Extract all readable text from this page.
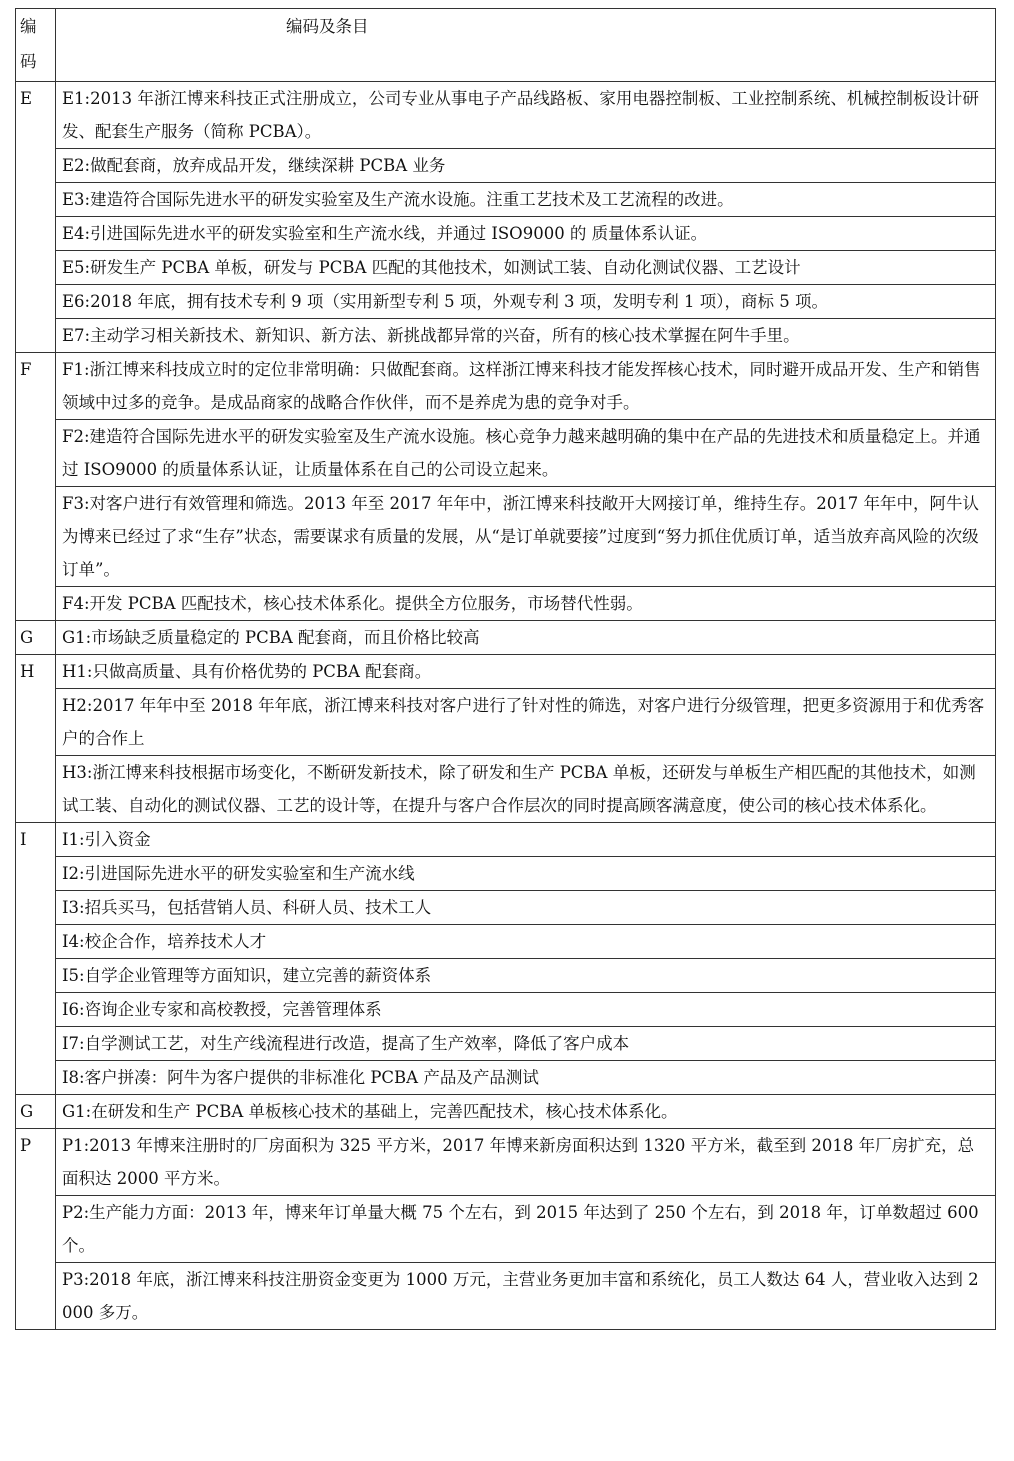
编
码	编码及条目
E	E1:2013 年浙江博来科技正式注册成立，公司专业从事电子产品线路板、家用电器控制板、工业控制系统、机械控制板设计研发、配套生产服务（简称 PCBA）。
	E2:做配套商，放弃成品开发，继续深耕 PCBA 业务
	E3:建造符合国际先进水平的研发实验室及生产流水设施。注重工艺技术及工艺流程的改进。
	E4:引进国际先进水平的研发实验室和生产流水线，并通过 ISO9000 的 质量体系认证。
	E5:研发生产 PCBA 单板，研发与 PCBA 匹配的其他技术，如测试工装、自动化测试仪器、工艺设计
	E6:2018 年底，拥有技术专利 9 项（实用新型专利 5 项，外观专利 3 项，发明专利 1 项），商标 5 项。
	E7:主动学习相关新技术、新知识、新方法、新挑战都异常的兴奋，所有的核心技术掌握在阿牛手里。
F	F1:浙江博来科技成立时的定位非常明确：只做配套商。这样浙江博来科技才能发挥核心技术，同时避开成品开发、生产和销售领域中过多的竞争。是成品商家的战略合作伙伴，而不是养虎为患的竞争对手。
	F2:建造符合国际先进水平的研发实验室及生产流水设施。核心竞争力越来越明确的集中在产品的先进技术和质量稳定上。并通过 ISO9000 的质量体系认证，让质量体系在自己的公司设立起来。
	F3:对客户进行有效管理和筛选。2013 年至 2017 年年中，浙江博来科技敞开大网接订单，维持生存。2017 年年中，阿牛认为博来已经过了求“生存”状态，需要谋求有质量的发展，从“是订单就要接”过度到“努力抓住优质订单，适当放弃高风险的次级订单”。
	F4:开发 PCBA 匹配技术，核心技术体系化。提供全方位服务，市场替代性弱。
G	G1:市场缺乏质量稳定的 PCBA 配套商，而且价格比较高
H	H1:只做高质量、具有价格优势的 PCBA 配套商。
	H2:2017 年年中至 2018 年年底，浙江博来科技对客户进行了针对性的筛选，对客户进行分级管理，把更多资源用于和优秀客户的合作上
	H3:浙江博来科技根据市场变化，不断研发新技术，除了研发和生产 PCBA 单板，还研发与单板生产相匹配的其他技术，如测试工装、自动化的测试仪器、工艺的设计等，在提升与客户合作层次的同时提高顾客满意度，使公司的核心技术体系化。
I	I1:引入资金
	I2:引进国际先进水平的研发实验室和生产流水线
	I3:招兵买马，包括营销人员、科研人员、技术工人
	I4:校企合作，培养技术人才
	I5:自学企业管理等方面知识，建立完善的薪资体系
	I6:咨询企业专家和高校教授，完善管理体系
	I7:自学测试工艺，对生产线流程进行改造，提高了生产效率，降低了客户成本
	I8:客户拼凑：阿牛为客户提供的非标准化 PCBA 产品及产品测试
G	G1:在研发和生产 PCBA 单板核心技术的基础上，完善匹配技术，核心技术体系化。
P	P1:2013 年博来注册时的厂房面积为 325 平方米，2017 年博来新房面积达到 1320 平方米，截至到 2018 年厂房扩充，总面积达 2000 平方米。
	P2:生产能力方面：2013 年，博来年订单量大概 75 个左右，到 2015 年达到了 250 个左右，到 2018 年，订单数超过 600 个。
	P3:2018 年底，浙江博来科技注册资金变更为 1000 万元，主营业务更加丰富和系统化，员工人数达 64 人，营业收入达到 2000 多万。
